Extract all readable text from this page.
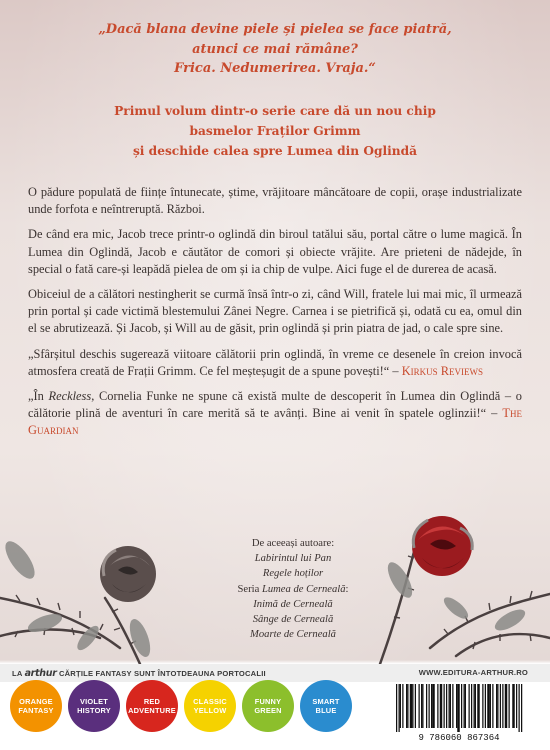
„Dacă blana devine piele și pielea se face piatră,
atunci ce mai rămâne?
Frica. Nedumerirea. Vraja.“
Primul volum dintr-o serie care dă un nou chip
basmelor Fraților Grimm
și deschide calea spre Lumea din Oglindă

O pădure populată de ființe întunecate, știme, vrăjitoare mâncătoare de copii, orașe industrializate unde forfota e neîntreruptă. Război.

De când era mic, Jacob trece printr-o oglindă din biroul tatălui său, portal către o lume magică. În Lumea din Oglindă, Jacob e căutător de comori și obiecte vrăjite. Are prieteni de nădejde, în special o fată care-și leapădă pielea de om și ia chip de vulpe. Aici fuge el de durerea de acasă.

Obiceiul de a călători nestingherit se curmă însă într-o zi, când Will, fratele lui mai mic, îl urmează prin portal și cade victimă blestemului Zânei Negre. Carnea i se pietrifică și, odată cu ea, omul din el se abrutizează. Și Jacob, și Will au de găsit, prin oglindă și prin piatra de jad, o cale spre sine.

„Sfârșitul deschis sugerează viitoare călătorii prin oglindă, în vreme ce desenele în creion invocă atmosfera creată de Frații Grimm. Ce fel meșteșugit de a spune povești!“ – Kirkus Reviews

„În Reckless, Cornelia Funke ne spune că există multe de descoperit în Lumea din Oglindă – o călătorie plină de aventuri în care merită să te avânți. Bine ai venit în spatele oglinzii!“ – The Guardian

De aceeași autoare:
Labirintul lui Pan
Regele hoților
Seria Lumea de Cerneală:
Inimă de Cerneală
Sânge de Cerneală
Moarte de Cerneală
LA arthur CĂRȚILE FANTASY SUNT ÎNTOTDEAUNA PORTOCALII	WWW.EDITURA-ARTHUR.RO
ORANGE
FANTASY
VIOLET
HISTORY
RED
ADVENTURE
CLASSIC
YELLOW
FUNNY
GREEN
SMART
BLUE
9 786060 867364
